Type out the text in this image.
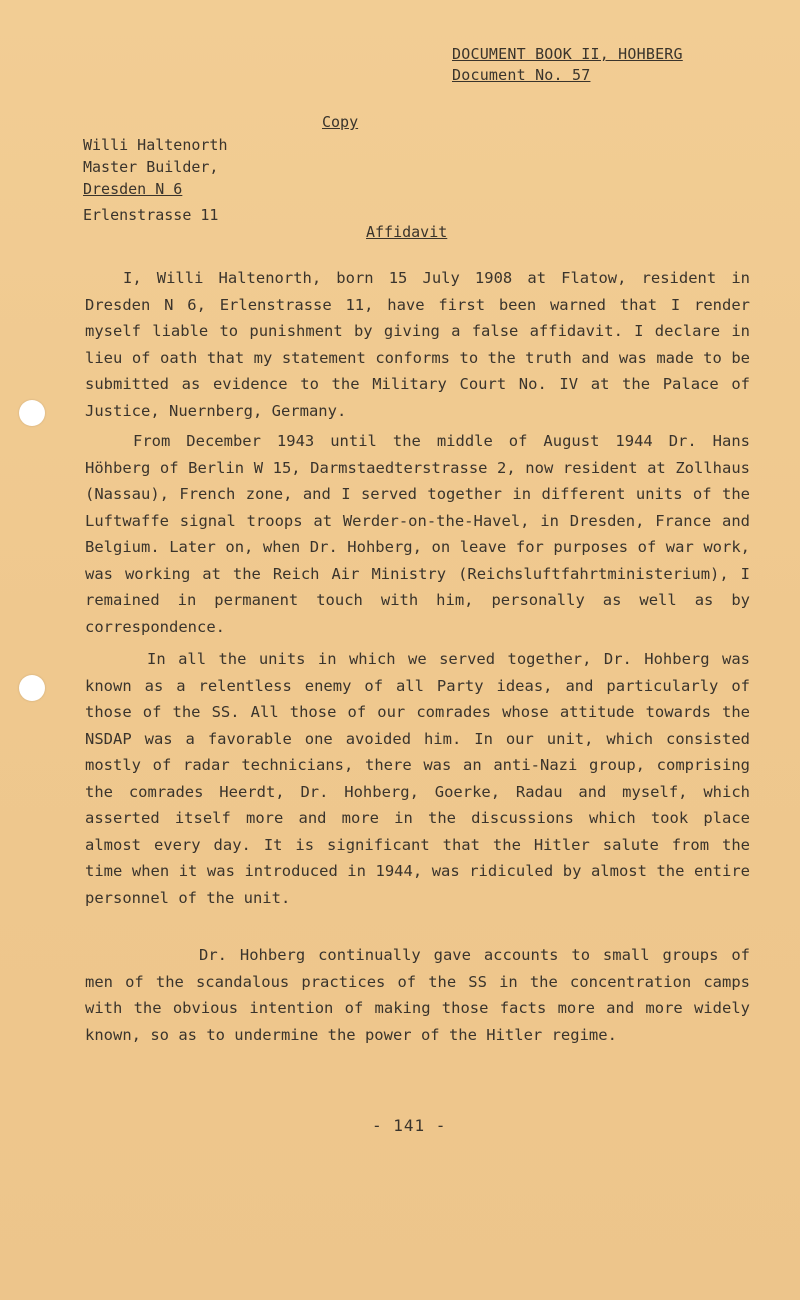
DOCUMENT BOOK II, HOHBERG
Document No. 57
Copy
Willi Haltenorth
Master Builder,
Dresden N 6
Erlenstrasse 11
Affidavit

I, Willi Haltenorth, born 15 July 1908 at Flatow, resident in Dresden N 6, Erlenstrasse 11, have first been warned that I render myself liable to punishment by giving a false affidavit. I declare in lieu of oath that my statement conforms to the truth and was made to be submitted as evidence to the Military Court No. IV at the Palace of Justice, Nuernberg, Germany.

From December 1943 until the middle of August 1944 Dr. Hans Höhberg of Berlin W 15, Darmstaedterstrasse 2, now resident at Zollhaus (Nassau), French zone, and I served together in different units of the Luftwaffe signal troops at Werder-on-the-Havel, in Dresden, France and Belgium. Later on, when Dr. Hohberg, on leave for purposes of war work, was working at the Reich Air Ministry (Reichsluftfahrtministerium), I remained in permanent touch with him, personally as well as by correspondence.

In all the units in which we served together, Dr. Hohberg was known as a relentless enemy of all Party ideas, and particularly of those of the SS. All those of our comrades whose attitude towards the NSDAP was a favorable one avoided him. In our unit, which consisted mostly of radar technicians, there was an anti-Nazi group, comprising the comrades Heerdt, Dr. Hohberg, Goerke, Radau and myself, which asserted itself more and more in the discussions which took place almost every day. It is significant that the Hitler salute from the time when it was introduced in 1944, was ridiculed by almost the entire personnel of the unit.

Dr. Hohberg continually gave accounts to small groups of men of the scandalous practices of the SS in the concentration camps with the obvious intention of making those facts more and more widely known, so as to undermine the power of the Hitler regime.

- 141 -
